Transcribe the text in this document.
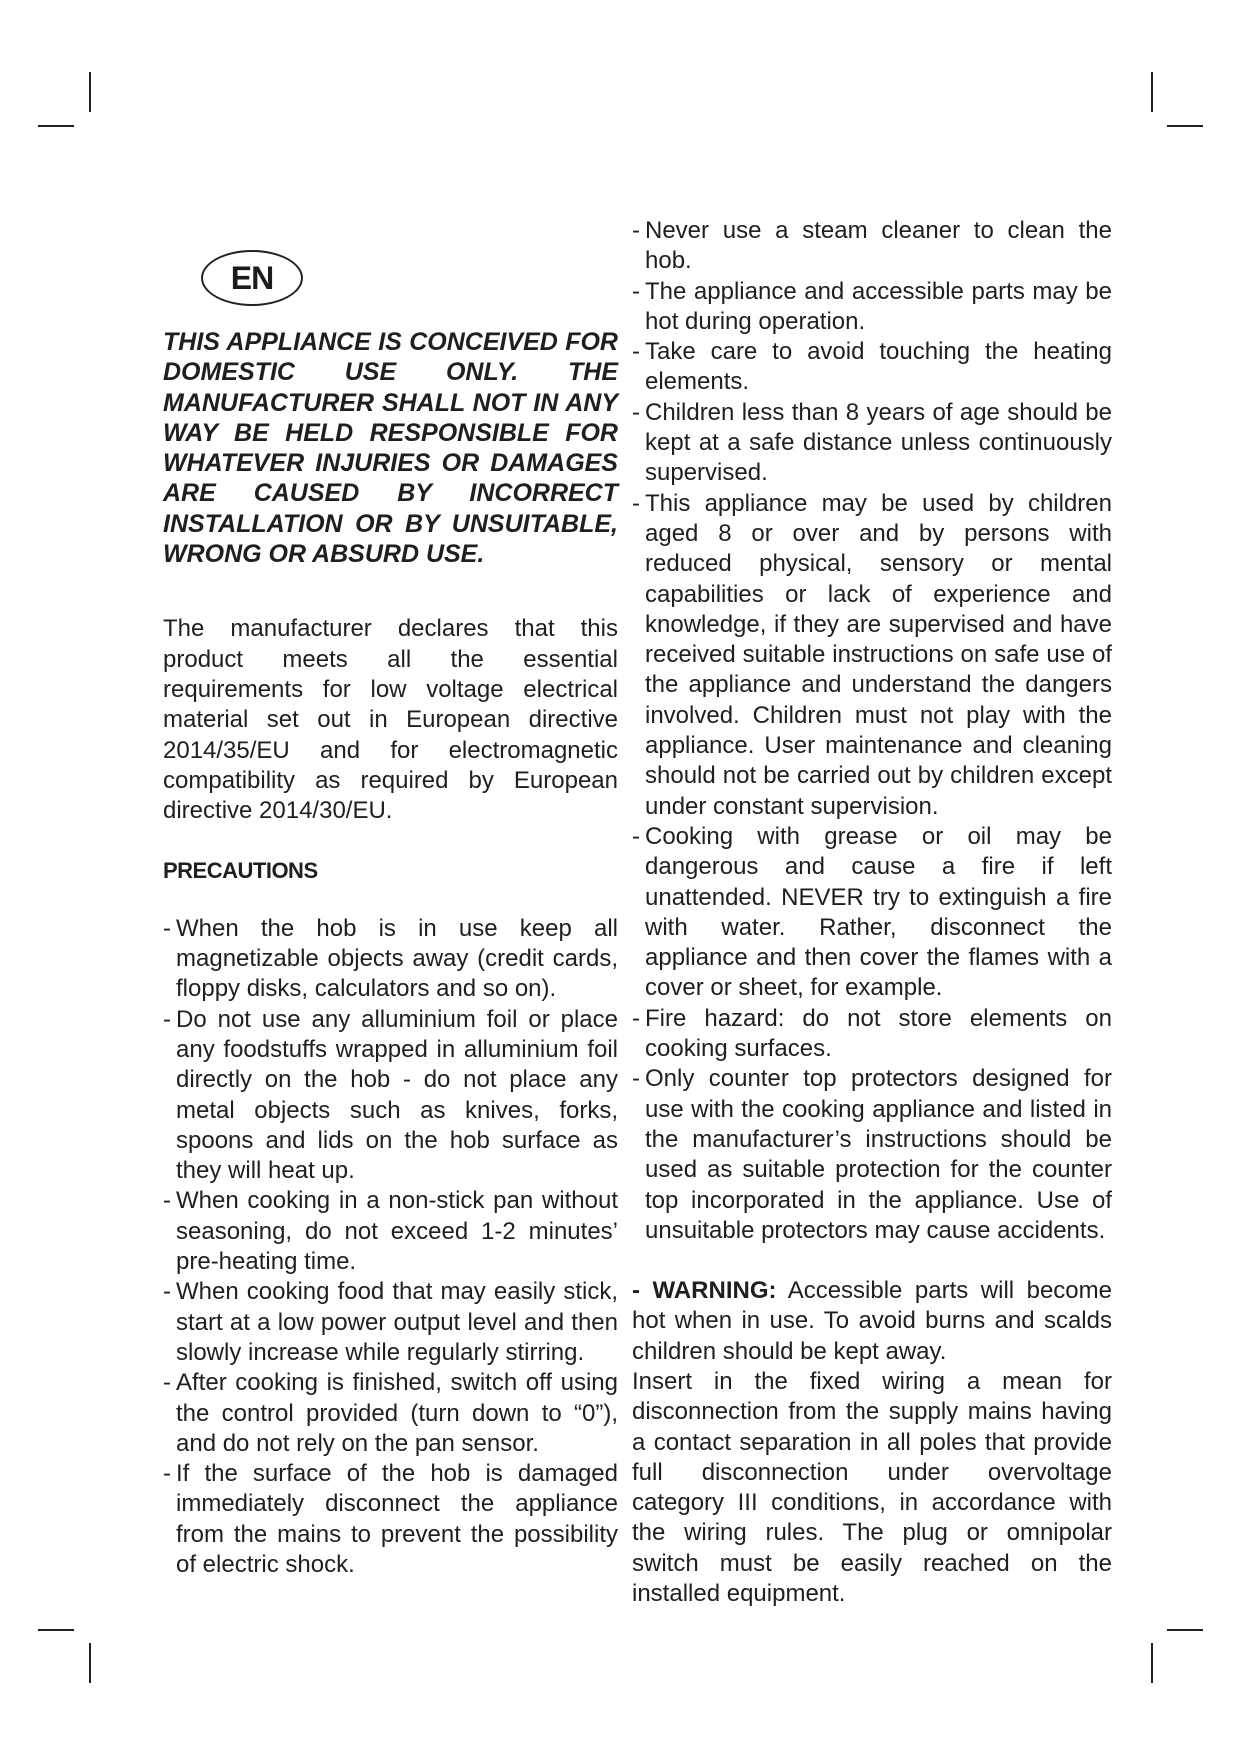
EN

THIS APPLIANCE IS CONCEIVED FOR DOMESTIC USE ONLY. THE MANUFACTURER SHALL NOT IN ANY WAY BE HELD RESPONSIBLE FOR WHATEVER INJURIES OR DAMAGES ARE CAUSED BY INCORRECT INSTALLATION OR BY UNSUITABLE, WRONG OR ABSURD USE.

The manufacturer declares that this product meets all the essential requirements for low voltage electrical material set out in European directive 2014/35/EU and for electromagnetic compatibility as required by European directive 2014/30/EU.

PRECAUTIONS

- When the hob is in use keep all magnetizable objects away (credit cards, floppy disks, calculators and so on).
- Do not use any alluminium foil or place any foodstuffs wrapped in alluminium foil directly on the hob - do not place any metal objects such as knives, forks, spoons and lids on the hob surface as they will heat up.
- When cooking in a non-stick pan without seasoning, do not exceed 1-2 minutes’ pre-heating time.
- When cooking food that may easily stick, start at a low power output level and then slowly increase while regularly stirring.
- After cooking is finished, switch off using the control provided (turn down to “0”), and do not rely on the pan sensor.
- If the surface of the hob is damaged immediately disconnect the appliance from the mains to prevent the possibility of electric shock.
- Never use a steam cleaner to clean the hob.
- The appliance and accessible parts may be hot during operation.
- Take care to avoid touching the heating elements.
- Children less than 8 years of age should be kept at a safe distance unless continuously supervised.
- This appliance may be used by children aged 8 or over and by persons with reduced physical, sensory or mental capabilities or lack of experience and knowledge, if they are supervised and have received suitable instructions on safe use of the appliance and understand the dangers involved. Children must not play with the appliance. User maintenance and cleaning should not be carried out by children except under constant supervision.
- Cooking with grease or oil may be dangerous and cause a fire if left unattended. NEVER try to extinguish a fire with water. Rather, disconnect the appliance and then cover the flames with a cover or sheet, for example.
- Fire hazard: do not store elements on cooking surfaces.
- Only counter top protectors designed for use with the cooking appliance and listed in the manufacturer’s instructions should be used as suitable protection for the counter top incorporated in the appliance. Use of unsuitable protectors may cause accidents.

- WARNING: Accessible parts will become hot when in use. To avoid burns and scalds children should be kept away.

Insert in the fixed wiring a mean for disconnection from the supply mains having a contact separation in all poles that provide full disconnection under overvoltage category III conditions, in accordance with the wiring rules. The plug or omnipolar switch must be easily reached on the installed equipment.
